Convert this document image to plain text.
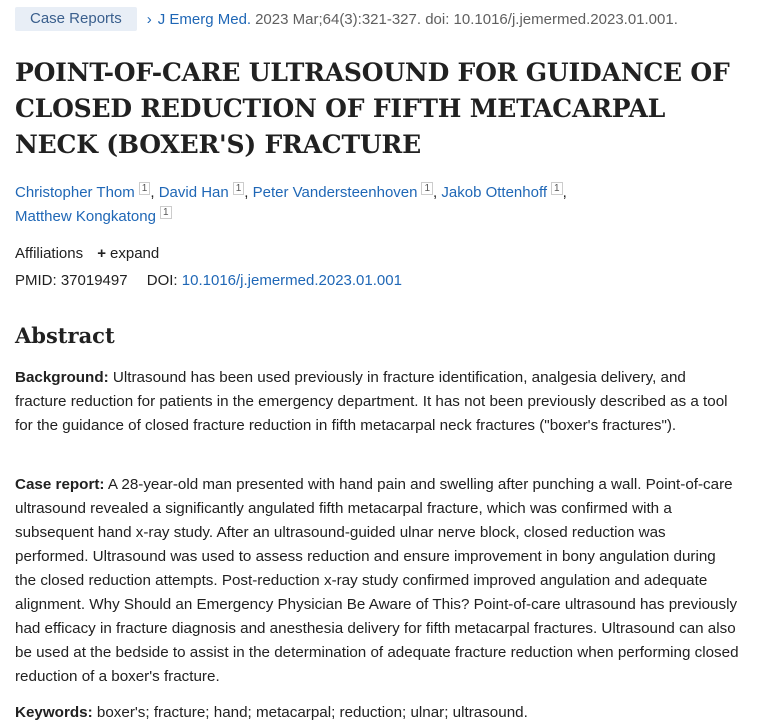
Case Reports	› J Emerg Med. 2023 Mar;64(3):321-327. doi: 10.1016/j.jemermed.2023.01.001.
POINT-OF-CARE ULTRASOUND FOR GUIDANCE OF CLOSED REDUCTION OF FIFTH METACARPAL NECK (BOXER'S) FRACTURE
Christopher Thom $^1$ , David Han $^1$ , Peter Vandersteenhoven $^1$ , Jakob Ottenhoff $^1$ ,
Matthew Kongkatong $^1$
Affiliations + expand
PMID: 37019497 DOI: 10.1016/j.jemermed.2023.01.001
Abstract

Background: Ultrasound has been used previously in fracture identification, analgesia delivery, and fracture reduction for patients in the emergency department. It has not been previously described as a tool for the guidance of closed fracture reduction in fifth metacarpal neck fractures ("boxer's fractures").

Case report: A 28-year-old man presented with hand pain and swelling after punching a wall. Point-of-care ultrasound revealed a significantly angulated fifth metacarpal fracture, which was confirmed with a subsequent hand x-ray study. After an ultrasound-guided ulnar nerve block, closed reduction was performed. Ultrasound was used to assess reduction and ensure improvement in bony angulation during the closed reduction attempts. Post-reduction x-ray study confirmed improved angulation and adequate alignment. Why Should an Emergency Physician Be Aware of This? Point-of-care ultrasound has previously had efficacy in fracture diagnosis and anesthesia delivery for fifth metacarpal fractures. Ultrasound can also be used at the bedside to assist in the determination of adequate fracture reduction when performing closed reduction of a boxer's fracture.

Keywords: boxer's; fracture; hand; metacarpal; reduction; ulnar; ultrasound.
